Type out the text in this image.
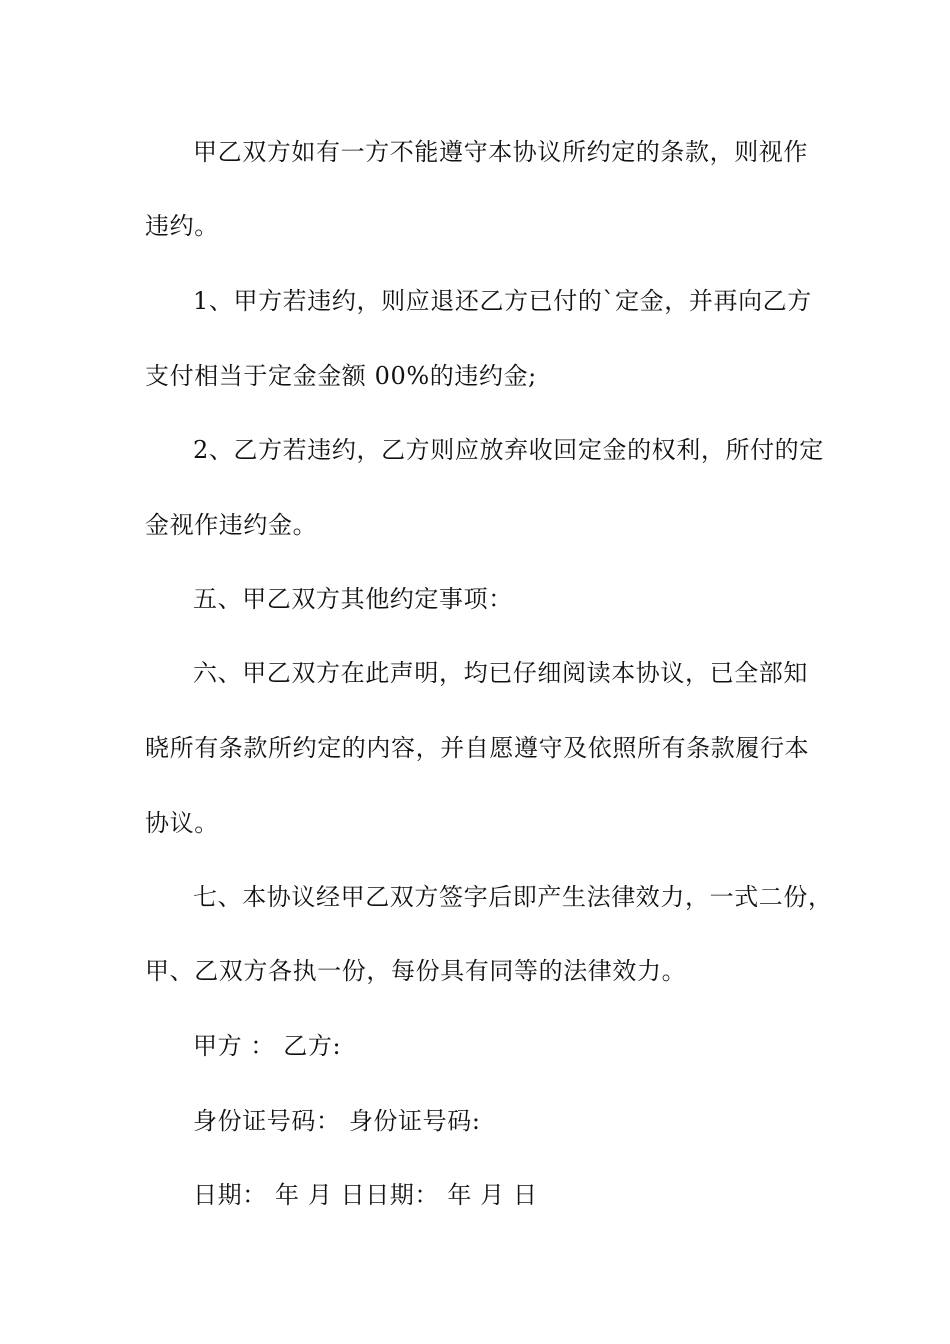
甲乙双方如有一方不能遵守本协议所约定的条款，则视作
违约。
1、甲方若违约，则应退还乙方已付的`定金，并再向乙方
支付相当于定金金额 00%的违约金;
2、乙方若违约，乙方则应放弃收回定金的权利，所付的定
金视作违约金。
五、甲乙双方其他约定事项：
六、甲乙双方在此声明，均已仔细阅读本协议，已全部知
晓所有条款所约定的内容，并自愿遵守及依照所有条款履行本
协议。
七、本协议经甲乙双方签字后即产生法律效力，一式二份，
甲、乙双方各执一份，每份具有同等的法律效力。
甲方 ： 乙方:
身份证号码： 身份证号码:
日期： 年 月 日日期： 年 月 日
